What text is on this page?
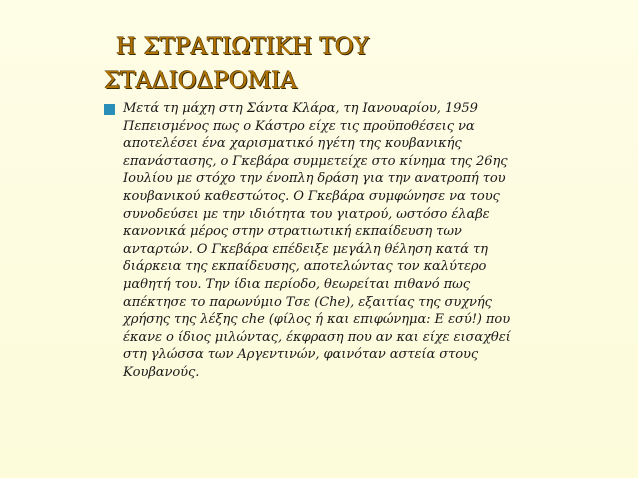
Η ΣΤΡΑΤΙΩΤΙΚΗ ΤΟΥ
ΣΤΑΔΙΟΔΡΟΜΙΑ
Μετά τη μάχη στη Σάντα Κλάρα, τη Ιανουαρίου, 1959
Πεπεισμένος πως ο Κάστρο είχε τις προϋποθέσεις να
αποτελέσει ένα χαρισματικό ηγέτη της κουβανικής
επανάστασης, ο Γκεβάρα συμμετείχε στο κίνημα της 26ης
Ιουλίου με στόχο την ένοπλη δράση για την ανατροπή του
κουβανικού καθεστώτος. Ο Γκεβάρα συμφώνησε να τους
συνοδεύσει με την ιδιότητα του γιατρού, ωστόσο έλαβε
κανονικά μέρος στην στρατιωτική εκπαίδευση των
ανταρτών. Ο Γκεβάρα επέδειξε μεγάλη θέληση κατά τη
διάρκεια της εκπαίδευσης, αποτελώντας τον καλύτερο
μαθητή του. Την ίδια περίοδο, θεωρείται πιθανό πως
απέκτησε το παρωνύμιο Τσε (Che), εξαιτίας της συχνής
χρήσης της λέξης che (φίλος ή και επιφώνημα: Ε εσύ!) που
έκανε ο ίδιος μιλώντας, έκφραση που αν και είχε εισαχθεί
στη γλώσσα των Αργεντινών, φαινόταν αστεία στους
Κουβανούς.
